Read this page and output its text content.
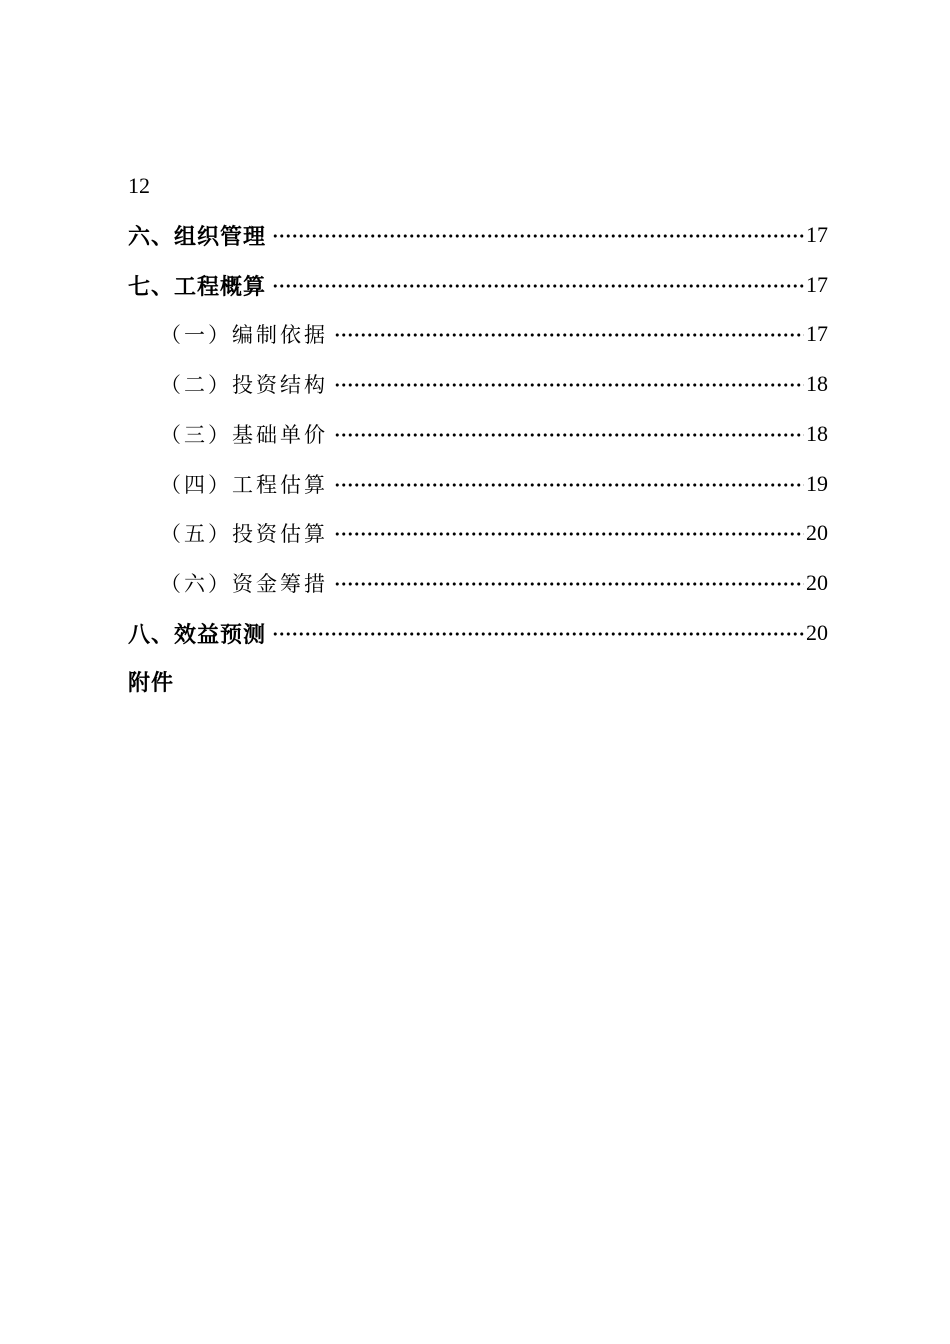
12
六、组织管理	17
七、工程概算	17
（一）编制依据	17
（二）投资结构	18
（三）基础单价	18
（四）工程估算	19
（五）投资估算	20
（六）资金筹措	20
八、效益预测	20
附件
